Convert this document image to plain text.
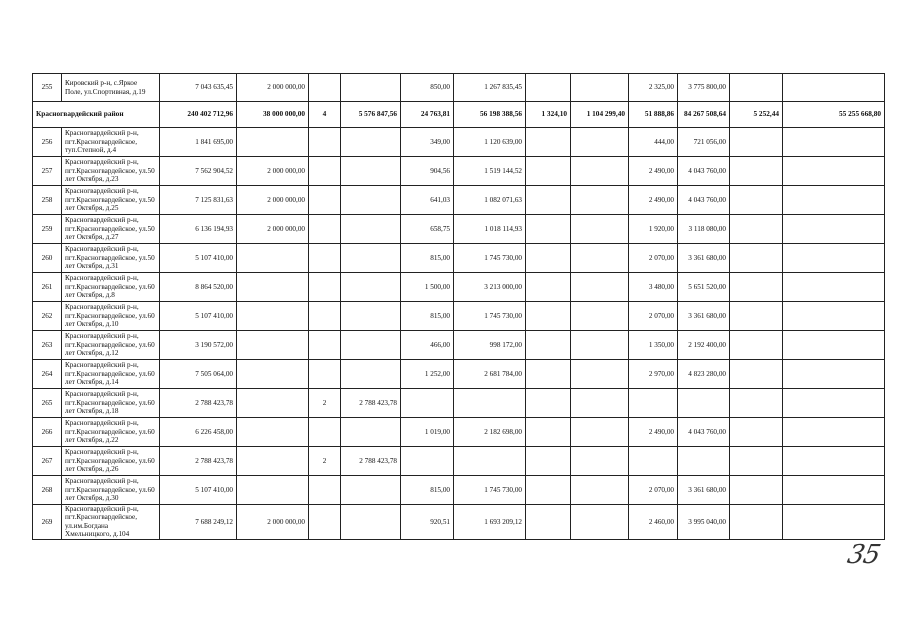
255	Кировский р-н, с.Яркое Поле, ул.Спортивная, д.19	7 043 635,45	2 000 000,00			850,00	1 267 835,45			2 325,00	3 775 800,00			
Красногвардейский район		240 402 712,96	38 000 000,00	4	5 576 847,56	24 763,81	56 198 388,56	1 324,10	1 104 299,40	51 888,86	84 267 508,64	5 252,44	55 255 668,80	
256	Красногвардейский р-н, пгт.Красногвардейское, туп.Степной, д.4	1 841 695,00				349,00	1 120 639,00			444,00	721 056,00			
257	Красногвардейский р-н, пгт.Красногвардейское, ул.50 лет Октября, д.23	7 562 904,52	2 000 000,00			904,56	1 519 144,52			2 490,00	4 043 760,00			
258	Красногвардейский р-н, пгт.Красногвардейское, ул.50 лет Октября, д.25	7 125 831,63	2 000 000,00			641,03	1 082 071,63			2 490,00	4 043 760,00			
259	Красногвардейский р-н, пгт.Красногвардейское, ул.50 лет Октября, д.27	6 136 194,93	2 000 000,00			658,75	1 018 114,93			1 920,00	3 118 080,00			
260	Красногвардейский р-н, пгт.Красногвардейское, ул.50 лет Октября, д.31	5 107 410,00				815,00	1 745 730,00			2 070,00	3 361 680,00			
261	Красногвардейский р-н, пгт.Красногвардейское, ул.60 лет Октября, д.8	8 864 520,00				1 500,00	3 213 000,00			3 480,00	5 651 520,00			
262	Красногвардейский р-н, пгт.Красногвардейское, ул.60 лет Октября, д.10	5 107 410,00				815,00	1 745 730,00			2 070,00	3 361 680,00			
263	Красногвардейский р-н, пгт.Красногвардейское, ул.60 лет Октября, д.12	3 190 572,00				466,00	998 172,00			1 350,00	2 192 400,00			
264	Красногвардейский р-н, пгт.Красногвардейское, ул.60 лет Октября, д.14	7 505 064,00				1 252,00	2 681 784,00			2 970,00	4 823 280,00			
265	Красногвардейский р-н, пгт.Красногвардейское, ул.60 лет Октября, д.18	2 788 423,78		2	2 788 423,78									
266	Красногвардейский р-н, пгт.Красногвардейское, ул.60 лет Октября, д.22	6 226 458,00				1 019,00	2 182 698,00			2 490,00	4 043 760,00			
267	Красногвардейский р-н, пгт.Красногвардейское, ул.60 лет Октября, д.26	2 788 423,78		2	2 788 423,78									
268	Красногвардейский р-н, пгт.Красногвардейское, ул.60 лет Октября, д.30	5 107 410,00				815,00	1 745 730,00			2 070,00	3 361 680,00			
269	Красногвардейский р-н, пгт.Красногвардейское, ул.им.Богдана Хмельницкого, д.104	7 688 249,12	2 000 000,00			920,51	1 693 209,12			2 460,00	3 995 040,00			
35
